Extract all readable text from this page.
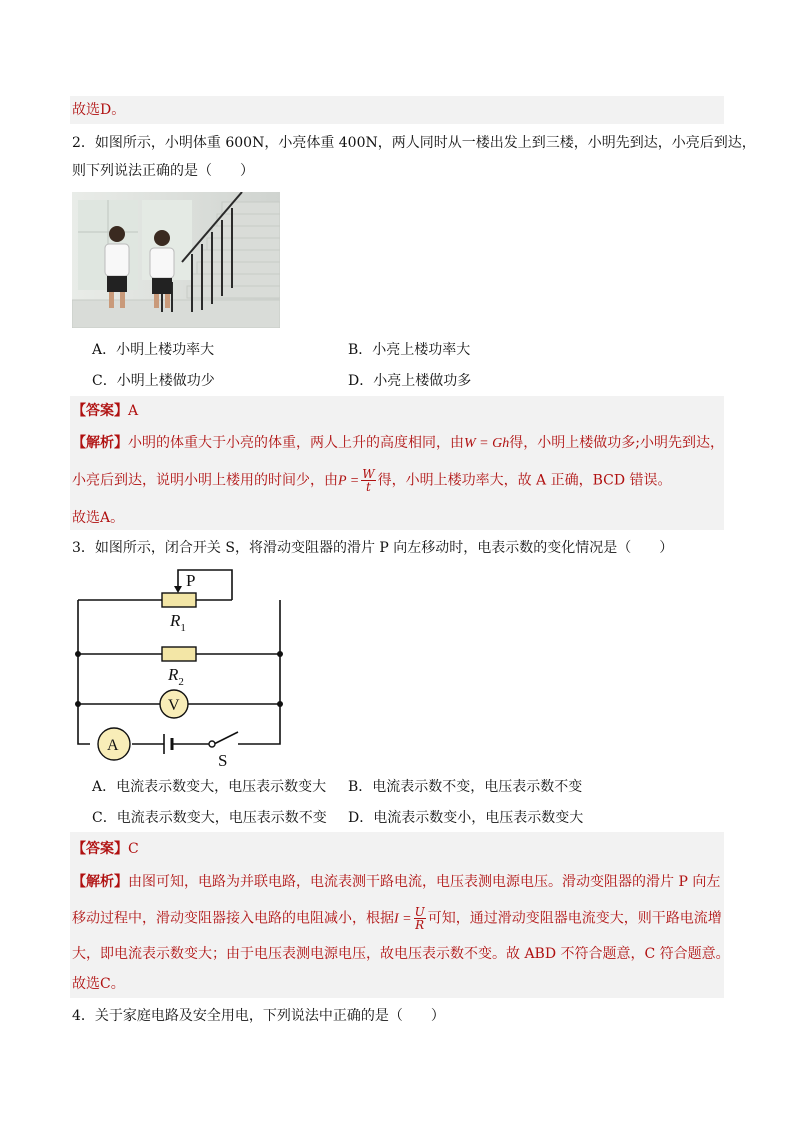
故选D。
2．如图所示，小明体重 600N，小亮体重 400N，两人同时从一楼出发上到三楼，小明先到达，小亮后到达，
则下列说法正确的是（　　）
A．小明上楼功率大	B．小亮上楼功率大
C．小明上楼做功少	D．小亮上楼做功多
【答案】A
【解析】小明的体重大于小亮的体重，两人上升的高度相同，由W = Gh得，小明上楼做功多;小明先到达，
小亮后到达，说明小明上楼用的时间少，由$P = \frac{W}{t}$ 得，小明上楼功率大，故 A 正确，BCD 错误。
故选A。
3．如图所示，闭合开关 S，将滑动变阻器的滑片 P 向左移动时，电表示数的变化情况是（　　）
P
$R_1$
$R_2$
V
A
S
A．电流表示数变大，电压表示数变大 B．电流表示数不变，电压表示数不变
C．电流表示数变大，电压表示数不变 D．电流表示数变小，电压表示数变大
【答案】C
【解析】由图可知，电路为并联电路，电流表测干路电流，电压表测电源电压。滑动变阻器的滑片 P 向左
移动过程中，滑动变阻器接入电路的电阻减小，根据$I = \frac{U}{R}$ 可知，通过滑动变阻器电流变大，则干路电流增
大，即电流表示数变大；由于电压表测电源电压，故电压表示数不变。故 ABD 不符合题意，C 符合题意。
故选C。
4．关于家庭电路及安全用电，下列说法中正确的是（　　）
